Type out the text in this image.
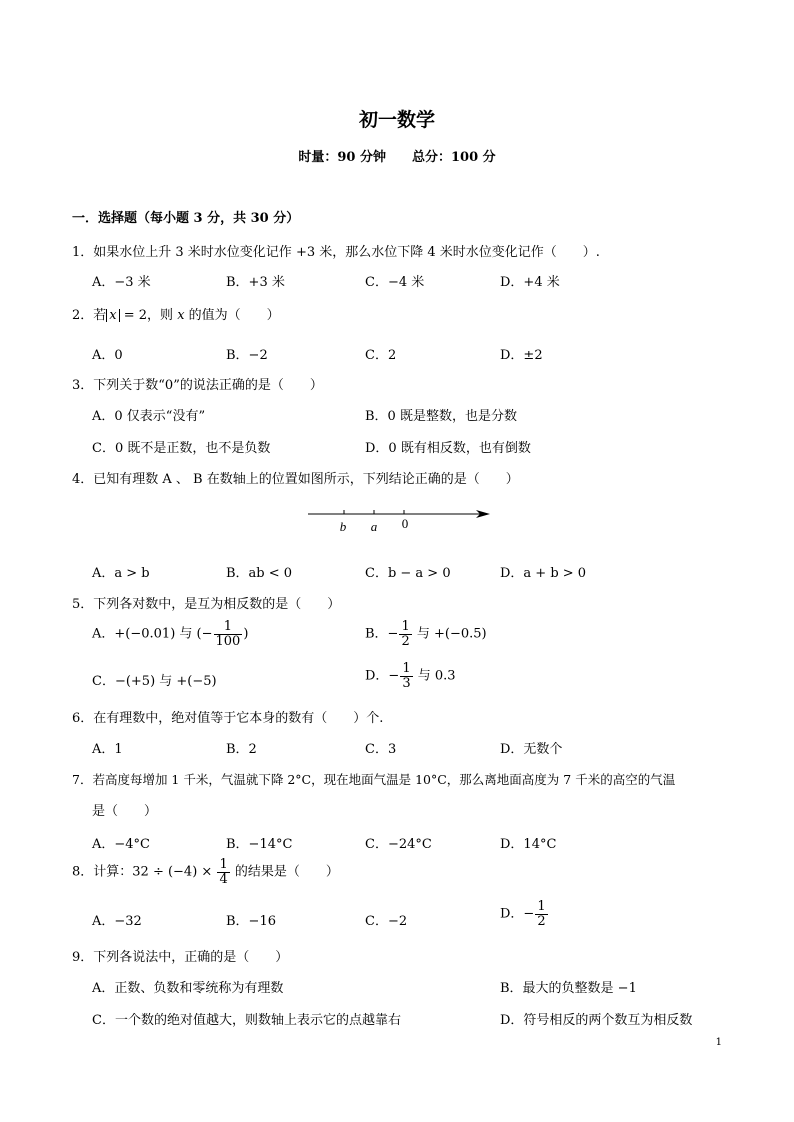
初一数学
时量：90 分钟　　总分：100 分
一．选择题（每小题 3 分，共 30 分）
1．如果水位上升 3 米时水位变化记作 +3 米，那么水位下降 4 米时水位变化记作（　　）.
A．−3 米	B．+3 米	C．−4 米	D．+4 米
2．若 x = 2，则 x 的值为（　　）
A．0	B．−2	C．2	D．±2
3．下列关于数“0”的说法正确的是（　　）
A．0 仅表示“没有”	B．0 既是整数，也是分数
C．0 既不是正数，也不是负数	D．0 既有相反数，也有倒数
4．已知有理数 A 、 B 在数轴上的位置如图所示，下列结论正确的是（　　）
b a 0
A．a > b	B．ab < 0	C．b − a > 0	D．a + b > 0
5．下列各对数中，是互为相反数的是（　　）
A．+(−0.01) 与 (− $\frac{1}{100}$ )	B．− $\frac{1}{2}$ 与 +(−0.5)
C．−(+5) 与 +(−5)	D．− $\frac{1}{3}$ 与 0.3
6．在有理数中，绝对值等于它本身的数有（　　）个.
A．1	B．2	C．3	D．无数个
7．若高度每增加 1 千米，气温就下降 2°C，现在地面气温是 10°C，那么离地面高度为 7 千米的高空的气温
是（　　）
A．−4°C	B．−14°C	C．−24°C	D．14°C
8．计算：$32 \div (-4) \times \frac{1}{4}$ 的结果是（　　）
A．−32	B．−16	C．−2	D．− $\frac{1}{2}$
9．下列各说法中，正确的是（　　）
A．正数、负数和零统称为有理数	B．最大的负整数是 −1
C．一个数的绝对值越大，则数轴上表示它的点越靠右	D．符号相反的两个数互为相反数
1
